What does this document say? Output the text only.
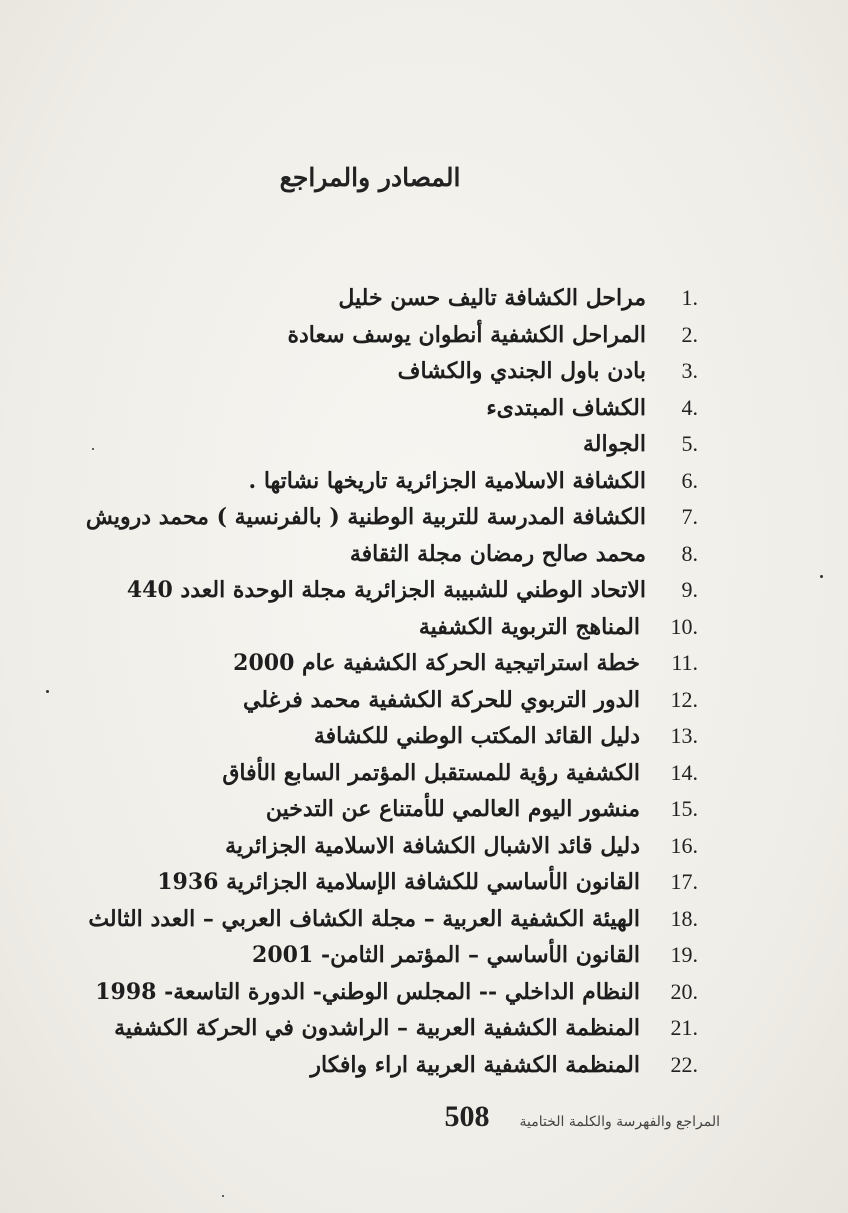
المصادر والمراجع
.1
مراحل الكشافة تاليف حسن خليل
.2
المراحل الكشفية أنطوان يوسف سعادة
.3
بادن باول الجندي والكشاف
.4
الكشاف المبتدىء
.5
الجوالة
.6
الكشافة الاسلامية الجزائرية تاريخها نشاتها .
.7
الكشافة المدرسة للتربية الوطنية ( بالفرنسية ) محمد درويش
.8
محمد صالح رمضان مجلة الثقافة
.9
الاتحاد الوطني للشبيبة الجزائرية مجلة الوحدة العدد 440
.10
المناهج التربوية الكشفية
.11
خطة استراتيجية الحركة الكشفية عام 2000
.12
الدور التربوي للحركة الكشفية محمد فرغلي
.13
دليل القائد المكتب الوطني للكشافة
.14
الكشفية رؤية للمستقبل المؤتمر السابع الأفاق
.15
منشور اليوم العالمي للأمتناع عن التدخين
.16
دليل قائد الاشبال الكشافة الاسلامية الجزائرية
.17
القانون الأساسي للكشافة الإسلامية الجزائرية 1936
.18
الهيئة الكشفية العربية – مجلة الكشاف العربي – العدد الثالث
.19
القانون الأساسي – المؤتمر الثامن- 2001
.20
النظام الداخلي -- المجلس الوطني- الدورة التاسعة- 1998
.21
المنظمة الكشفية العربية – الراشدون في الحركة الكشفية
.22
المنظمة الكشفية العربية اراء وافكار
المراجع والفهرسة والكلمة الختامية
508
